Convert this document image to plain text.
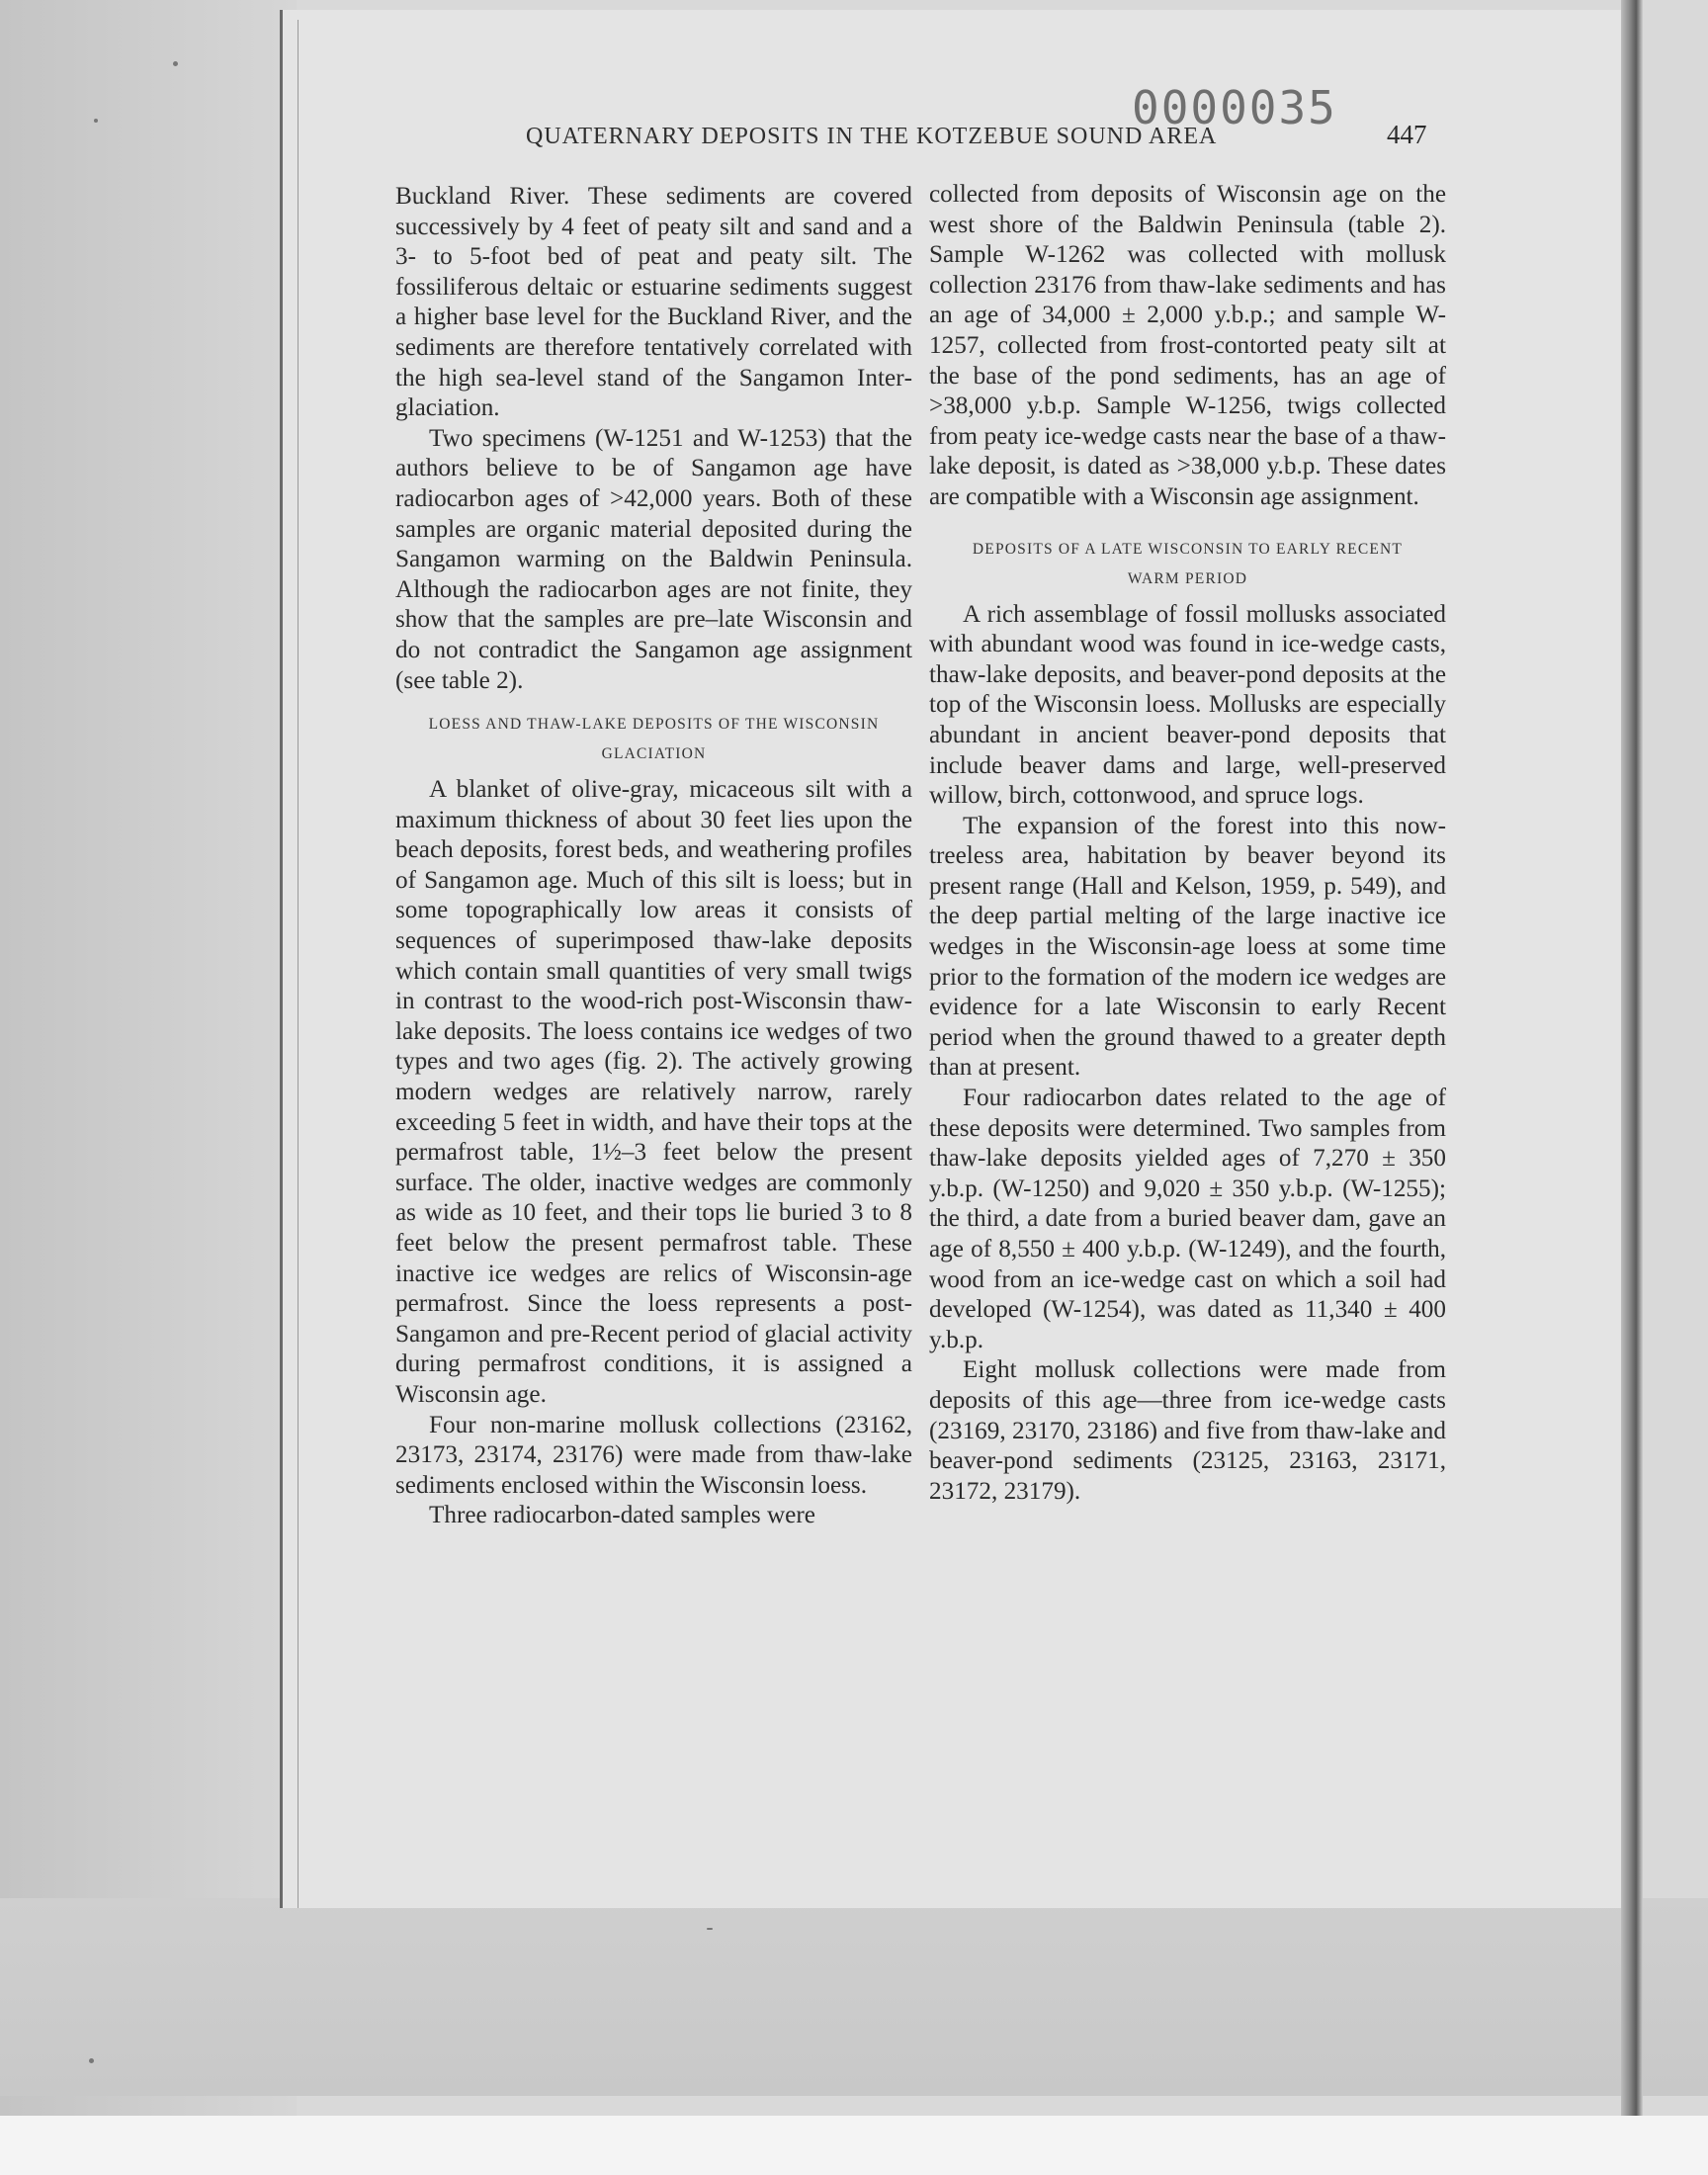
0000035
QUATERNARY DEPOSITS IN THE KOTZEBUE SOUND AREA	447

Buckland River. These sediments are covered successively by 4 feet of peaty silt and sand and a 3- to 5-foot bed of peat and peaty silt. The fossiliferous deltaic or estuarine sediments suggest a higher base level for the Buckland River, and the sediments are therefore tentatively correlated with the high sea-level stand of the Sangamon Interglaciation.

Two specimens (W-1251 and W-1253) that the authors believe to be of Sangamon age have radiocarbon ages of >42,000 years. Both of these samples are organic material deposited during the Sangamon warming on the Baldwin Peninsula. Although the radiocarbon ages are not finite, they show that the samples are pre–late Wisconsin and do not contradict the Sangamon age assignment (see table 2).

LOESS AND THAW-LAKE DEPOSITS OF THE WISCONSIN GLACIATION

A blanket of olive-gray, micaceous silt with a maximum thickness of about 30 feet lies upon the beach deposits, forest beds, and weathering profiles of Sangamon age. Much of this silt is loess; but in some topographically low areas it consists of sequences of superimposed thaw-lake deposits which contain small quantities of very small twigs in contrast to the wood-rich post-Wisconsin thaw-lake deposits. The loess contains ice wedges of two types and two ages (fig. 2). The actively growing modern wedges are relatively narrow, rarely exceeding 5 feet in width, and have their tops at the permafrost table, 1½–3 feet below the present surface. The older, inactive wedges are commonly as wide as 10 feet, and their tops lie buried 3 to 8 feet below the present permafrost table. These inactive ice wedges are relics of Wisconsin-age permafrost. Since the loess represents a post-Sangamon and pre-Recent period of glacial activity during permafrost conditions, it is assigned a Wisconsin age.

Four non-marine mollusk collections (23162, 23173, 23174, 23176) were made from thaw-lake sediments enclosed within the Wisconsin loess.

Three radiocarbon-dated samples were

collected from deposits of Wisconsin age on the west shore of the Baldwin Peninsula (table 2). Sample W-1262 was collected with mollusk collection 23176 from thaw-lake sediments and has an age of 34,000 ± 2,000 y.b.p.; and sample W-1257, collected from frost-contorted peaty silt at the base of the pond sediments, has an age of >38,000 y.b.p. Sample W-1256, twigs collected from peaty ice-wedge casts near the base of a thaw-lake deposit, is dated as >38,000 y.b.p. These dates are compatible with a Wisconsin age assignment.

DEPOSITS OF A LATE WISCONSIN TO EARLY RECENT WARM PERIOD

A rich assemblage of fossil mollusks associated with abundant wood was found in ice-wedge casts, thaw-lake deposits, and beaver-pond deposits at the top of the Wisconsin loess. Mollusks are especially abundant in ancient beaver-pond deposits that include beaver dams and large, well-preserved willow, birch, cottonwood, and spruce logs.

The expansion of the forest into this now-treeless area, habitation by beaver beyond its present range (Hall and Kelson, 1959, p. 549), and the deep partial melting of the large inactive ice wedges in the Wisconsin-age loess at some time prior to the formation of the modern ice wedges are evidence for a late Wisconsin to early Recent period when the ground thawed to a greater depth than at present.

Four radiocarbon dates related to the age of these deposits were determined. Two samples from thaw-lake deposits yielded ages of 7,270 ± 350 y.b.p. (W-1250) and 9,020 ± 350 y.b.p. (W-1255); the third, a date from a buried beaver dam, gave an age of 8,550 ± 400 y.b.p. (W-1249), and the fourth, wood from an ice-wedge cast on which a soil had developed (W-1254), was dated as 11,340 ± 400 y.b.p.

Eight mollusk collections were made from deposits of this age—three from ice-wedge casts (23169, 23170, 23186) and five from thaw-lake and beaver-pond sediments (23125, 23163, 23171, 23172, 23179).
